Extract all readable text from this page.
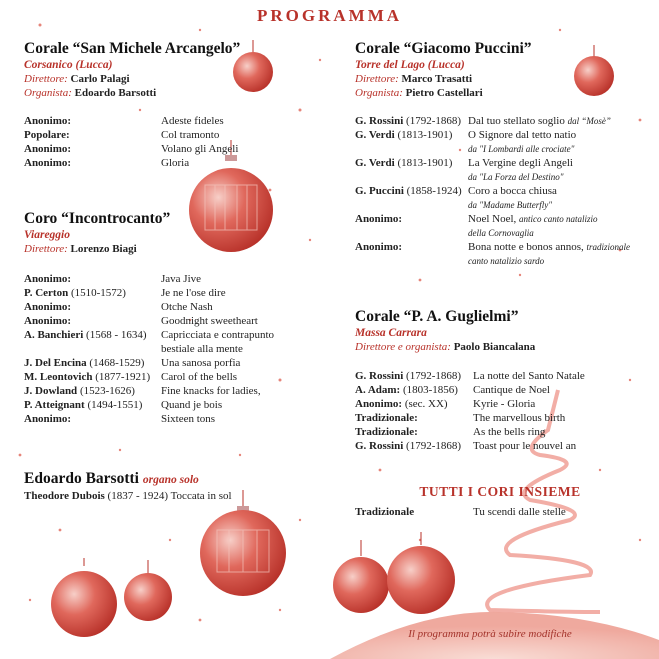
PROGRAMMA
Corale “San Michele Arcangelo”
Corsanico (Lucca)
Direttore: Carlo Palagi
Organista: Edoardo Barsotti
Anonimo:	Adeste fideles
Popolare:	Col tramonto
Anonimo:	Volano gli Angeli
Anonimo:	Gloria
Coro “Incontrocanto”
Viareggio
Direttore: Lorenzo Biagi
Anonimo:	Java Jive
P. Certon (1510-1572)	Je ne l'ose dire
Anonimo:	Otche Nash
Anonimo:	Goodnight sweetheart
A. Banchieri (1568 - 1634) Capricciata e contrapunto
bestiale alla mente
J. Del Encina (1468-1529) Una sanosa porfia
M. Leontovich (1877-1921) Carol of the bells
J. Dowland (1523-1626) Fine knacks for ladies,
P. Atteignant (1494-1551) Quand je bois
Anonimo:	Sixteen tons
Edoardo Barsotti organo solo
Theodore Dubois (1837 - 1924) Toccata in sol
Corale “Giacomo Puccini”
Torre del Lago (Lucca)
Direttore: Marco Trasatti
Organista: Pietro Castellari
G. Rossini (1792-1868) Dal tuo stellato soglio dal “Mosè”
G. Verdi (1813-1901) O Signore dal tetto natio
da "I Lombardi alle crociate"
G. Verdi (1813-1901) La Vergine degli Angeli
da "La Forza del Destino"
G. Puccini (1858-1924) Coro a bocca chiusa
da "Madame Butterfly"
Anonimo:	Noel Noel, antico canto natalizio
della Cornovaglia
Anonimo:	Bona notte e bonos annos, tradizionale
canto natalizio sardo
Corale “P. A. Guglielmi”
Massa Carrara
Direttore e organista: Paolo Biancalana
G. Rossini (1792-1868) La notte del Santo Natale
A. Adam: (1803-1856) Cantique de Noel
Anonimo: (sec. XX) Kyrie - Gloria
Tradizionale:	The marvellous birth
Tradizionale:	As the bells ring
G. Rossini (1792-1868) Toast pour le nouvel an
TUTTI I CORI INSIEME
Tradizionale	Tu scendi dalle stelle
Il programma potrà subire modifiche
